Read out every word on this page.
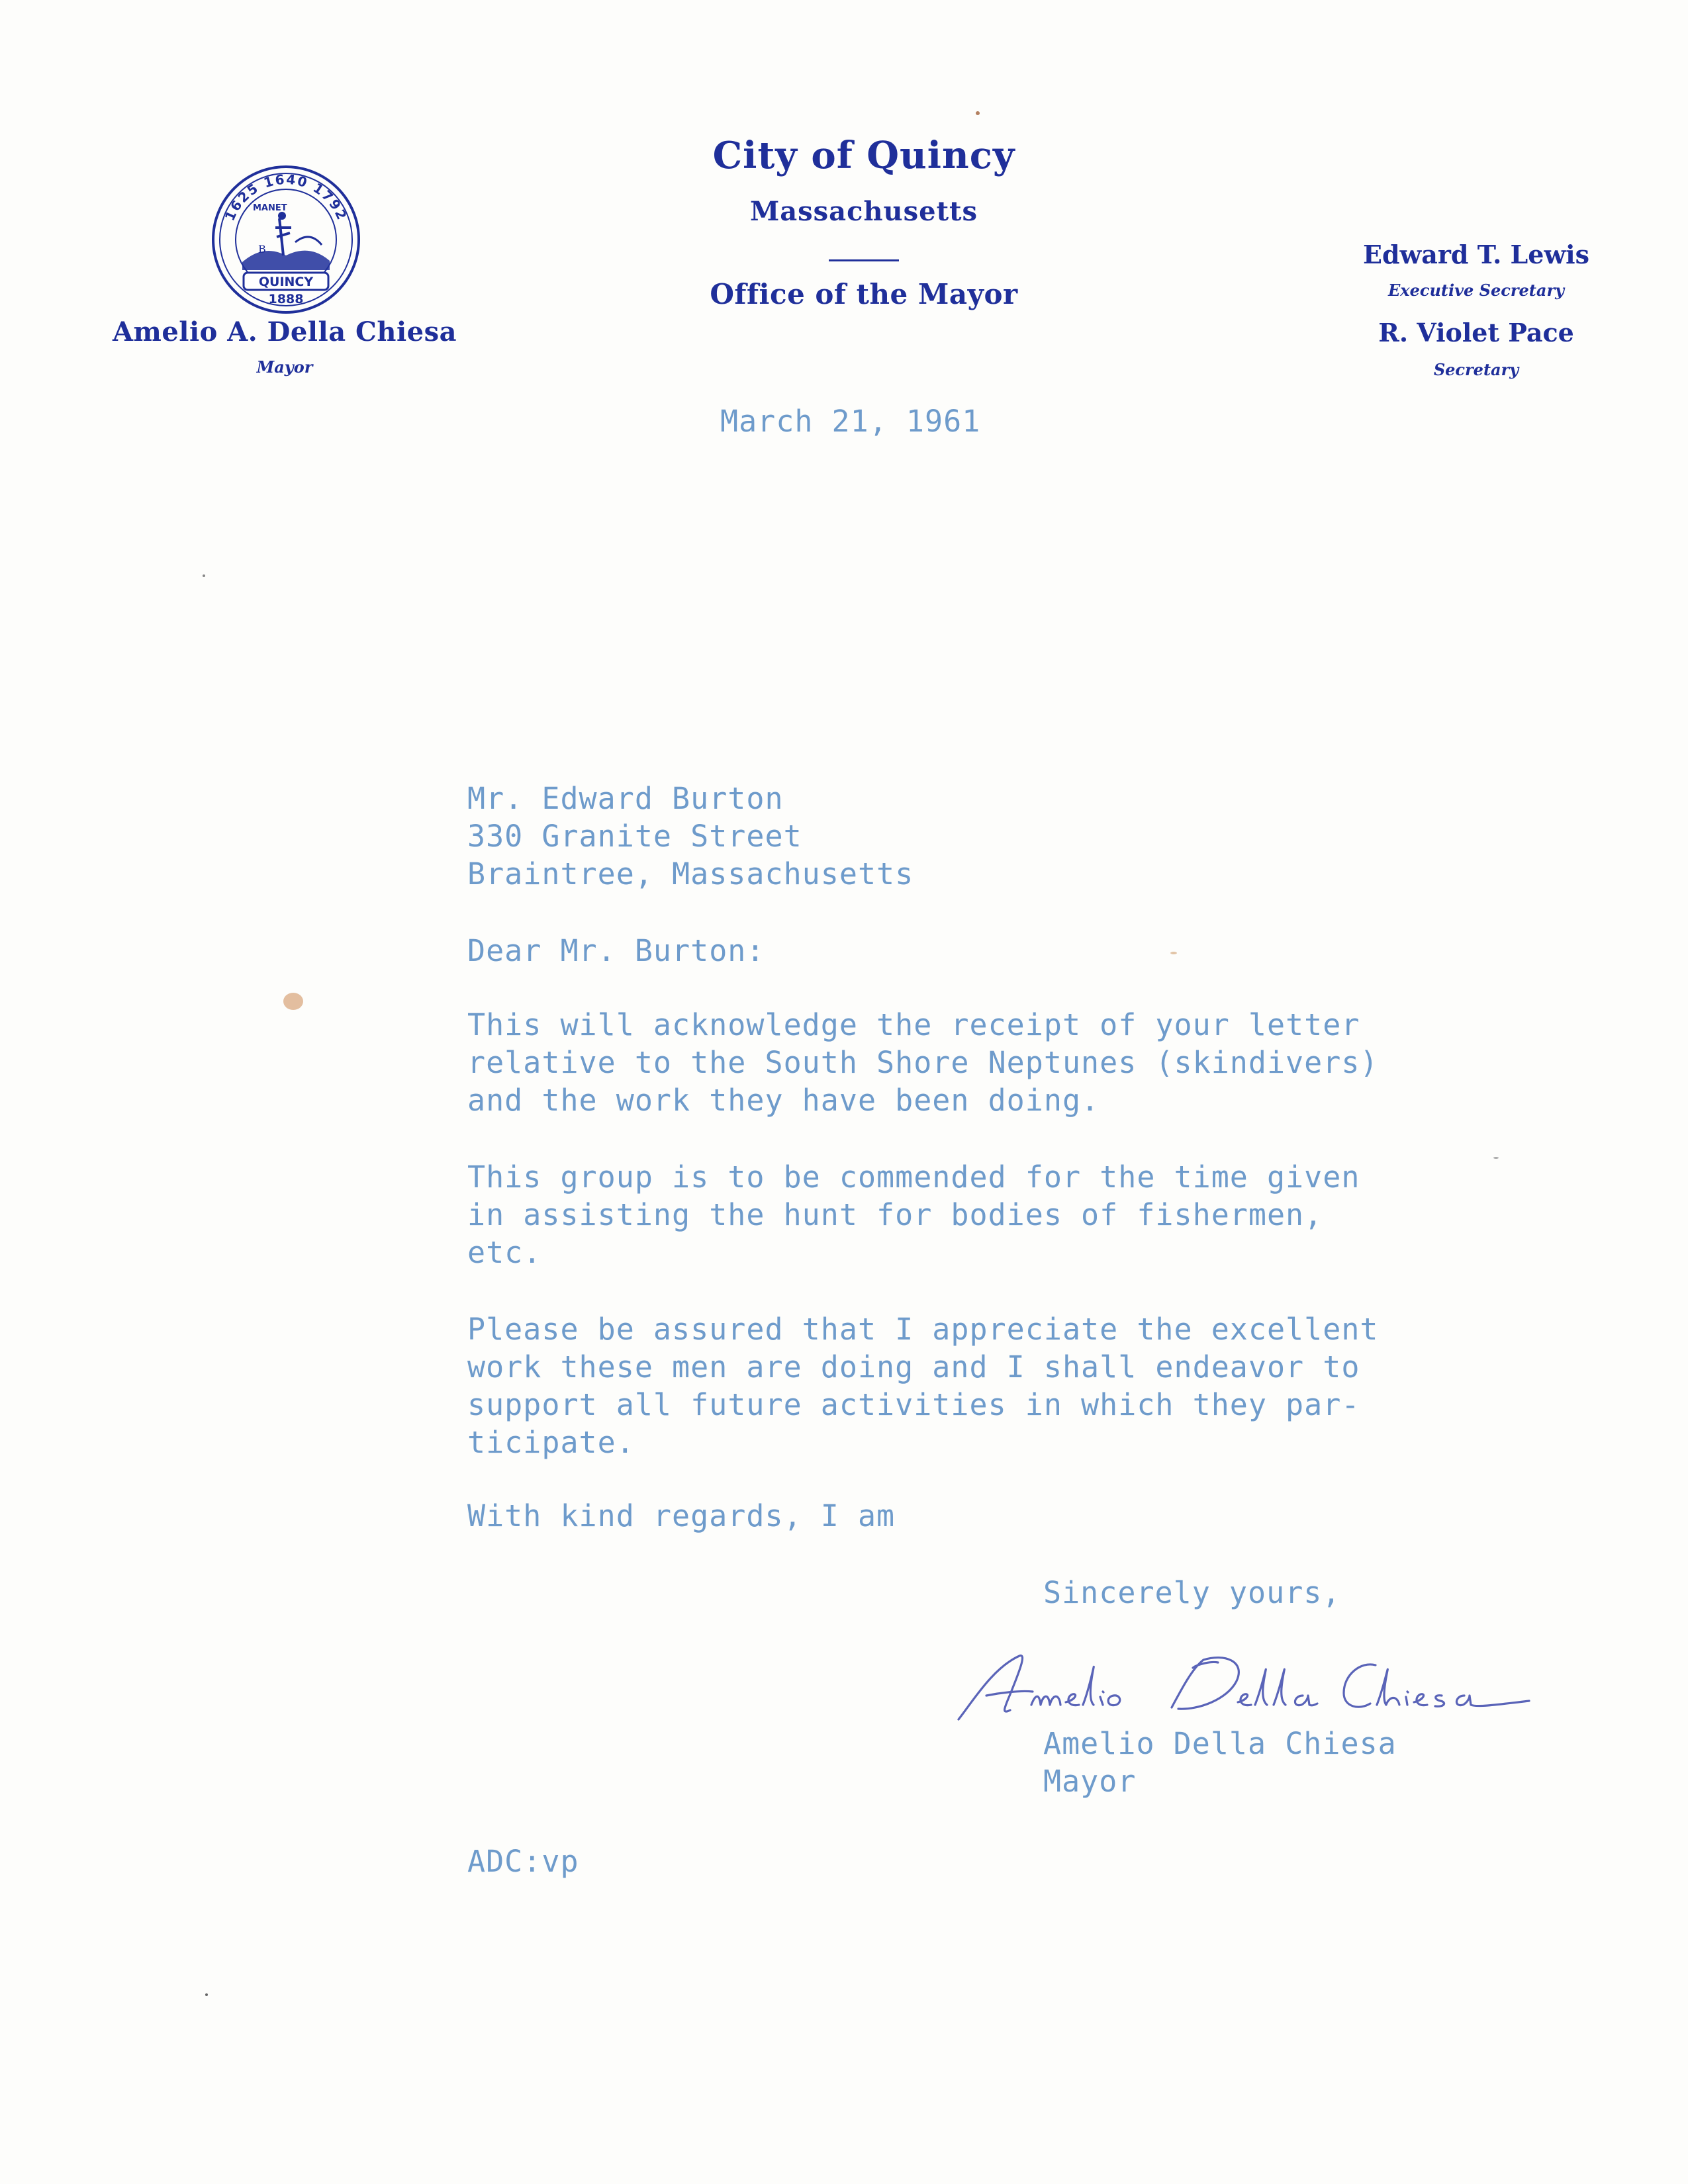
1625 1640 1792
B
MANET
QUINCY
1888
Amelio A. Della Chiesa
Mayor
City of Quincy
Massachusetts
Office of the Mayor
Edward T. Lewis
Executive Secretary
R. Violet Pace
Secretary
March 21, 1961
Mr. Edward Burton
330 Granite Street
Braintree, Massachusetts
Dear Mr. Burton:
This will acknowledge the receipt of your letter
relative to the South Shore Neptunes (skindivers)
and the work they have been doing.
This group is to be commended for the time given
in assisting the hunt for bodies of fishermen,
etc.
Please be assured that I appreciate the excellent
work these men are doing and I shall endeavor to
support all future activities in which they par-
ticipate.
With kind regards, I am
Sincerely yours,
Amelio Della Chiesa
Mayor
ADC:vp
